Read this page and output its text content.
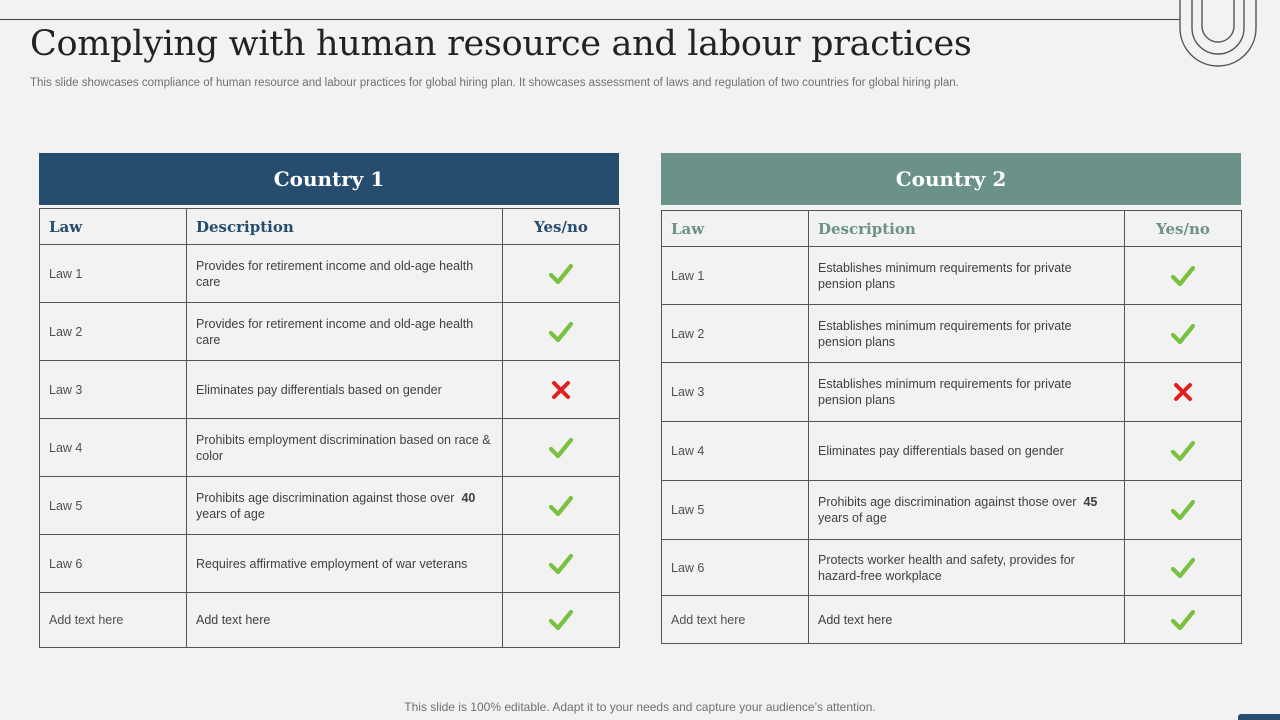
Complying with human resource and labour practices
This slide showcases compliance of human resource and labour practices for global hiring plan. It showcases assessment of laws and regulation of two countries for global hiring plan.
Country 1
Law	Description	Yes/no
Law 1	Provides for retirement income and old-age health care	
Law 2	Provides for retirement income and old-age health care	
Law 3	Eliminates pay differentials based on gender	
Law 4	Prohibits employment discrimination based on race & color	
Law 5	Prohibits age discrimination against those over 40 years of age	
Law 6	Requires affirmative employment of war veterans	
Add text here	Add text here	
Country 2
Law	Description	Yes/no
Law 1	Establishes minimum requirements for private pension plans	
Law 2	Establishes minimum requirements for private pension plans	
Law 3	Establishes minimum requirements for private pension plans	
Law 4	Eliminates pay differentials based on gender	
Law 5	Prohibits age discrimination against those over 45 years of age	
Law 6	Protects worker health and safety, provides for hazard-free workplace	
Add text here	Add text here	
This slide is 100% editable. Adapt it to your needs and capture your audience’s attention.
